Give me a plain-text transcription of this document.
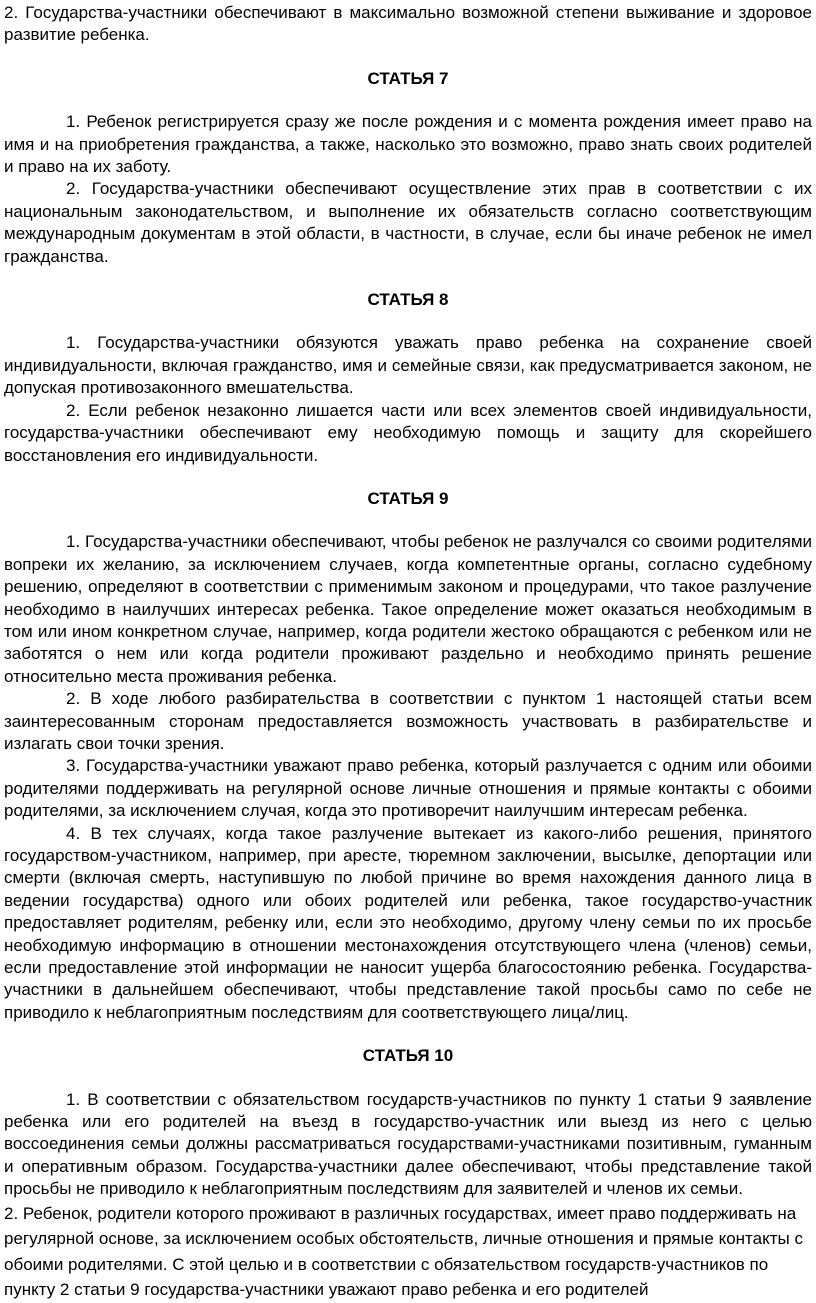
2. Государства-участники обеспечивают в максимально возможной степени выживание и здоровое развитие ребенка.

СТАТЬЯ 7

1. Ребенок регистрируется сразу же после рождения и с момента рождения имеет право на имя и на приобретения гражданства, а также, насколько это возможно, право знать своих родителей и право на их заботу.

2. Государства-участники обеспечивают осуществление этих прав в соответствии с их национальным законодательством, и выполнение их обязательств согласно соответствующим международным документам в этой области, в частности, в случае, если бы иначе ребенок не имел гражданства.

СТАТЬЯ 8

1. Государства-участники обязуются уважать право ребенка на сохранение своей индивидуальности, включая гражданство, имя и семейные связи, как предусматривается законом, не допуская противозаконного вмешательства.

2. Если ребенок незаконно лишается части или всех элементов своей индивидуальности, государства-участники обеспечивают ему необходимую помощь и защиту для скорейшего восстановления его индивидуальности.

СТАТЬЯ 9

1. Государства-участники обеспечивают, чтобы ребенок не разлучался со своими родителями вопреки их желанию, за исключением случаев, когда компетентные органы, согласно судебному решению, определяют в соответствии с применимым законом и процедурами, что такое разлучение необходимо в наилучших интересах ребенка. Такое определение может оказаться необходимым в том или ином конкретном случае, например, когда родители жестоко обращаются с ребенком или не заботятся о нем или когда родители проживают раздельно и необходимо принять решение относительно места проживания ребенка.

2. В ходе любого разбирательства в соответствии с пунктом 1 настоящей статьи всем заинтересованным сторонам предоставляется возможность участвовать в разбирательстве и излагать свои точки зрения.

3. Государства-участники уважают право ребенка, который разлучается с одним или обоими родителями поддерживать на регулярной основе личные отношения и прямые контакты с обоими родителями, за исключением случая, когда это противоречит наилучшим интересам ребенка.

4. В тех случаях, когда такое разлучение вытекает из какого-либо решения, принятого государством-участником, например, при аресте, тюремном заключении, высылке, депортации или смерти (включая смерть, наступившую по любой причине во время нахождения данного лица в ведении государства) одного или обоих родителей или ребенка, такое государство-участник предоставляет родителям, ребенку или, если это необходимо, другому члену семьи по их просьбе необходимую информацию в отношении местонахождения отсутствующего члена (членов) семьи, если предоставление этой информации не наносит ущерба благосостоянию ребенка. Государства-участники в дальнейшем обеспечивают, чтобы представление такой просьбы само по себе не приводило к неблагоприятным последствиям для соответствующего лица/лиц.

СТАТЬЯ 10

1. В соответствии с обязательством государств-участников по пункту 1 статьи 9 заявление ребенка или его родителей на въезд в государство-участник или выезд из него с целью воссоединения семьи должны рассматриваться государствами-участниками позитивным, гуманным и оперативным образом. Государства-участники далее обеспечивают, чтобы представление такой просьбы не приводило к неблагоприятным последствиям для заявителей и членов их семьи.

2. Ребенок, родители которого проживают в различных государствах, имеет право поддерживать на регулярной основе, за исключением особых обстоятельств, личные отношения и прямые контакты с обоими родителями. С этой целью и в соответствии с обязательством государств-участников по пункту 2 статьи 9 государства-участники уважают право ребенка и его родителей
